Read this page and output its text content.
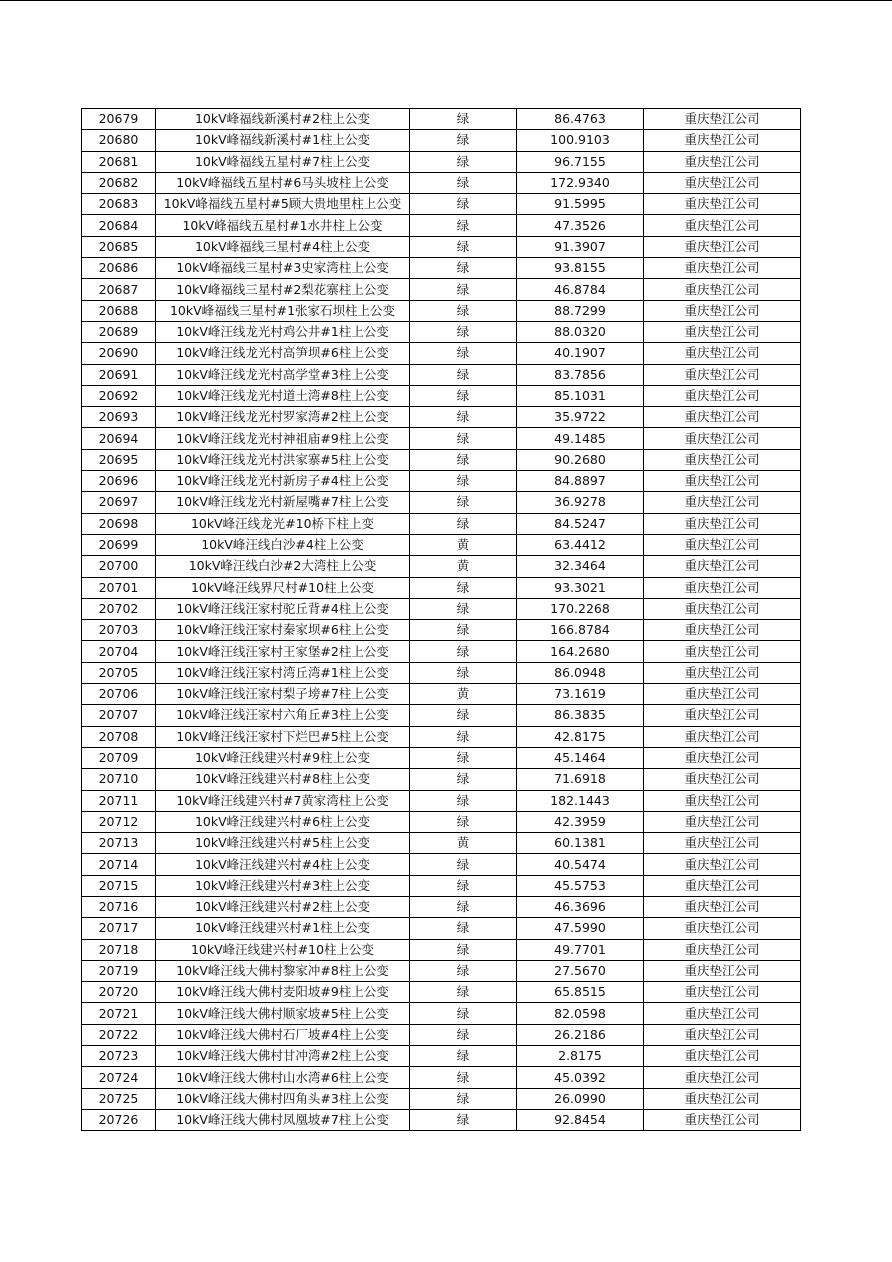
20679	10kV峰福线新溪村#2柱上公变	绿	86.4763	重庆垫江公司
20680	10kV峰福线新溪村#1柱上公变	绿	100.9103	重庆垫江公司
20681	10kV峰福线五星村#7柱上公变	绿	96.7155	重庆垫江公司
20682	10kV峰福线五星村#6马头坡柱上公变	绿	172.9340	重庆垫江公司
20683	10kV峰福线五星村#5顾大贵地里柱上公变	绿	91.5995	重庆垫江公司
20684	10kV峰福线五星村#1水井柱上公变	绿	47.3526	重庆垫江公司
20685	10kV峰福线三星村#4柱上公变	绿	91.3907	重庆垫江公司
20686	10kV峰福线三星村#3史家湾柱上公变	绿	93.8155	重庆垫江公司
20687	10kV峰福线三星村#2梨花寨柱上公变	绿	46.8784	重庆垫江公司
20688	10kV峰福线三星村#1张家石坝柱上公变	绿	88.7299	重庆垫江公司
20689	10kV峰汪线龙光村鸡公井#1柱上公变	绿	88.0320	重庆垫江公司
20690	10kV峰汪线龙光村高笋坝#6柱上公变	绿	40.1907	重庆垫江公司
20691	10kV峰汪线龙光村高学堂#3柱上公变	绿	83.7856	重庆垫江公司
20692	10kV峰汪线龙光村道土湾#8柱上公变	绿	85.1031	重庆垫江公司
20693	10kV峰汪线龙光村罗家湾#2柱上公变	绿	35.9722	重庆垫江公司
20694	10kV峰汪线龙光村神祖庙#9柱上公变	绿	49.1485	重庆垫江公司
20695	10kV峰汪线龙光村洪家寨#5柱上公变	绿	90.2680	重庆垫江公司
20696	10kV峰汪线龙光村新房子#4柱上公变	绿	84.8897	重庆垫江公司
20697	10kV峰汪线龙光村新屋嘴#7柱上公变	绿	36.9278	重庆垫江公司
20698	10kV峰汪线龙光#10桥下柱上变	绿	84.5247	重庆垫江公司
20699	10kV峰汪线白沙#4柱上公变	黄	63.4412	重庆垫江公司
20700	10kV峰汪线白沙#2大湾柱上公变	黄	32.3464	重庆垫江公司
20701	10kV峰汪线界尺村#10柱上公变	绿	93.3021	重庆垫江公司
20702	10kV峰汪线汪家村驼丘背#4柱上公变	绿	170.2268	重庆垫江公司
20703	10kV峰汪线汪家村秦家坝#6柱上公变	绿	166.8784	重庆垫江公司
20704	10kV峰汪线汪家村王家堡#2柱上公变	绿	164.2680	重庆垫江公司
20705	10kV峰汪线汪家村湾丘湾#1柱上公变	绿	86.0948	重庆垫江公司
20706	10kV峰汪线汪家村梨子塝#7柱上公变	黄	73.1619	重庆垫江公司
20707	10kV峰汪线汪家村六角丘#3柱上公变	绿	86.3835	重庆垫江公司
20708	10kV峰汪线汪家村下烂巴#5柱上公变	绿	42.8175	重庆垫江公司
20709	10kV峰汪线建兴村#9柱上公变	绿	45.1464	重庆垫江公司
20710	10kV峰汪线建兴村#8柱上公变	绿	71.6918	重庆垫江公司
20711	10kV峰汪线建兴村#7黄家湾柱上公变	绿	182.1443	重庆垫江公司
20712	10kV峰汪线建兴村#6柱上公变	绿	42.3959	重庆垫江公司
20713	10kV峰汪线建兴村#5柱上公变	黄	60.1381	重庆垫江公司
20714	10kV峰汪线建兴村#4柱上公变	绿	40.5474	重庆垫江公司
20715	10kV峰汪线建兴村#3柱上公变	绿	45.5753	重庆垫江公司
20716	10kV峰汪线建兴村#2柱上公变	绿	46.3696	重庆垫江公司
20717	10kV峰汪线建兴村#1柱上公变	绿	47.5990	重庆垫江公司
20718	10kV峰汪线建兴村#10柱上公变	绿	49.7701	重庆垫江公司
20719	10kV峰汪线大佛村黎家冲#8柱上公变	绿	27.5670	重庆垫江公司
20720	10kV峰汪线大佛村麦阳坡#9柱上公变	绿	65.8515	重庆垫江公司
20721	10kV峰汪线大佛村顺家坡#5柱上公变	绿	82.0598	重庆垫江公司
20722	10kV峰汪线大佛村石厂坡#4柱上公变	绿	26.2186	重庆垫江公司
20723	10kV峰汪线大佛村甘冲湾#2柱上公变	绿	2.8175	重庆垫江公司
20724	10kV峰汪线大佛村山水湾#6柱上公变	绿	45.0392	重庆垫江公司
20725	10kV峰汪线大佛村四角头#3柱上公变	绿	26.0990	重庆垫江公司
20726	10kV峰汪线大佛村凤凰坡#7柱上公变	绿	92.8454	重庆垫江公司
